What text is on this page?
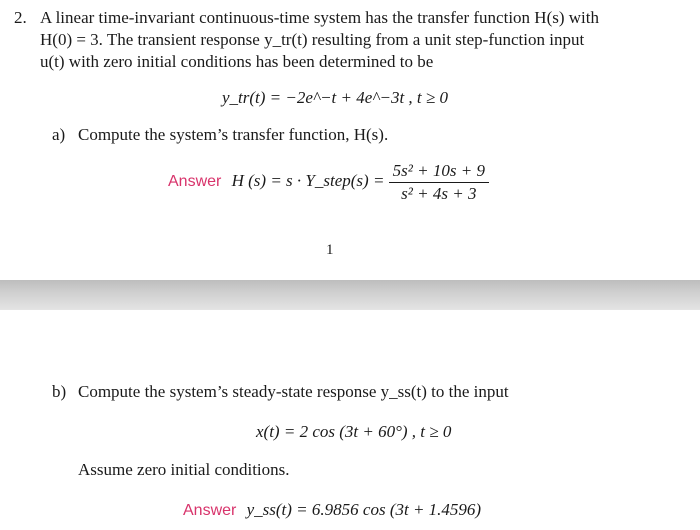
2. A linear time-invariant continuous-time system has the transfer function H(s) with
H(0) = 3. The transient response y_tr(t) resulting from a unit step-function input
u(t) with zero initial conditions has been determined to be
y_tr(t) = −2e^−t + 4e^−3t , t ≥ 0
a) Compute the system’s transfer function, H(s).
Answer H (s) = s · Y_step(s) = $\frac{\text{5s² + 10s + 9}}{\text{s² + 4s + 3}}$
1
b) Compute the system’s steady-state response y_ss(t) to the input
x(t) = 2 cos (3t + 60°) , t ≥ 0
Assume zero initial conditions.
Answer y_ss(t) = 6.9856 cos (3t + 1.4596)
